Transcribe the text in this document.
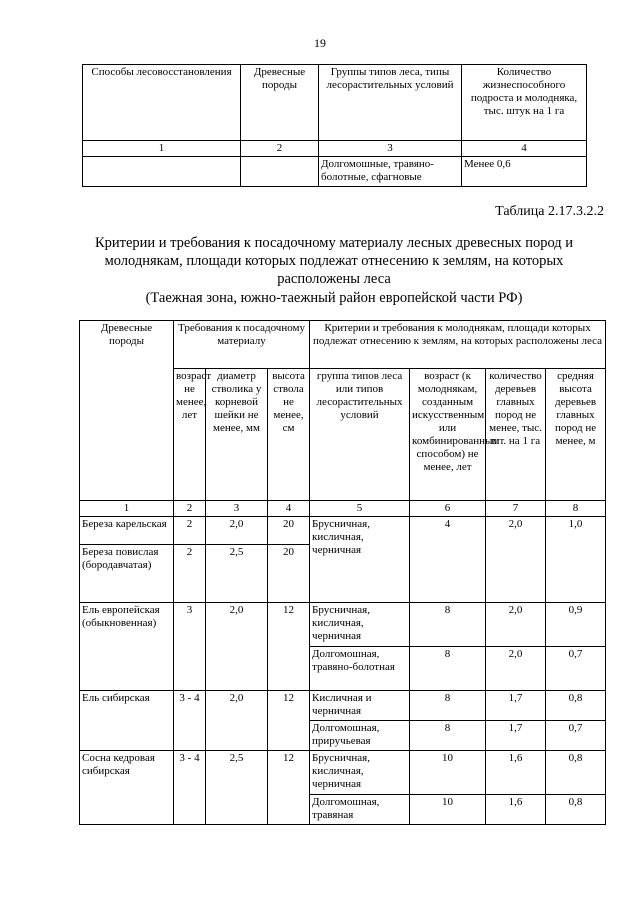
19
Способы лесовосстановления	Древесные породы	Группы типов леса, типы лесорастительных условий	Количество жизнеспособного подроста и молодняка, тыс. штук на 1 га
1	2	3	4
		Долгомошные, травяно-болотные, сфагновые	Менее 0,6
Таблица 2.17.3.2.2
Критерии и требования к посадочному материалу лесных древесных пород и молоднякам, площади которых подлежат отнесению к землям, на которых расположены леса
(Таежная зона, южно-таежный район европейской части РФ)
Древесные породы	Требования к посадочному материалу			Критерии и требования к молоднякам, площади которых подлежат отнесению к землям, на которых расположены леса			
	возраст не менее, лет	диаметр стволика у корневой шейки не менее, мм	высота ствола не менее, см	группа типов леса или типов лесорастительных условий	возраст (к молоднякам, созданным искусственным или комбинированным способом) не менее, лет	количество деревьев главных пород не менее, тыс. шт. на 1 га	средняя высота деревьев главных пород не менее, м
1	2	3	4	5	6	7	8
Береза карельская	2	2,0	20	Брусничная, кисличная, черничная	4	2,0	1,0
Береза повислая (бородавчатая)	2	2,5	20				
Ель европейская (обыкновенная)	3	2,0	12	Брусничная, кисличная, черничная	8	2,0	0,9
				Долгомошная, травяно-болотная	8	2,0	0,7
Ель сибирская	3 - 4	2,0	12	Кисличная и черничная	8	1,7	0,8
				Долгомошная, приручьевая	8	1,7	0,7
Сосна кедровая сибирская	3 - 4	2,5	12	Брусничная, кисличная, черничная	10	1,6	0,8
				Долгомошная, травяная	10	1,6	0,8
